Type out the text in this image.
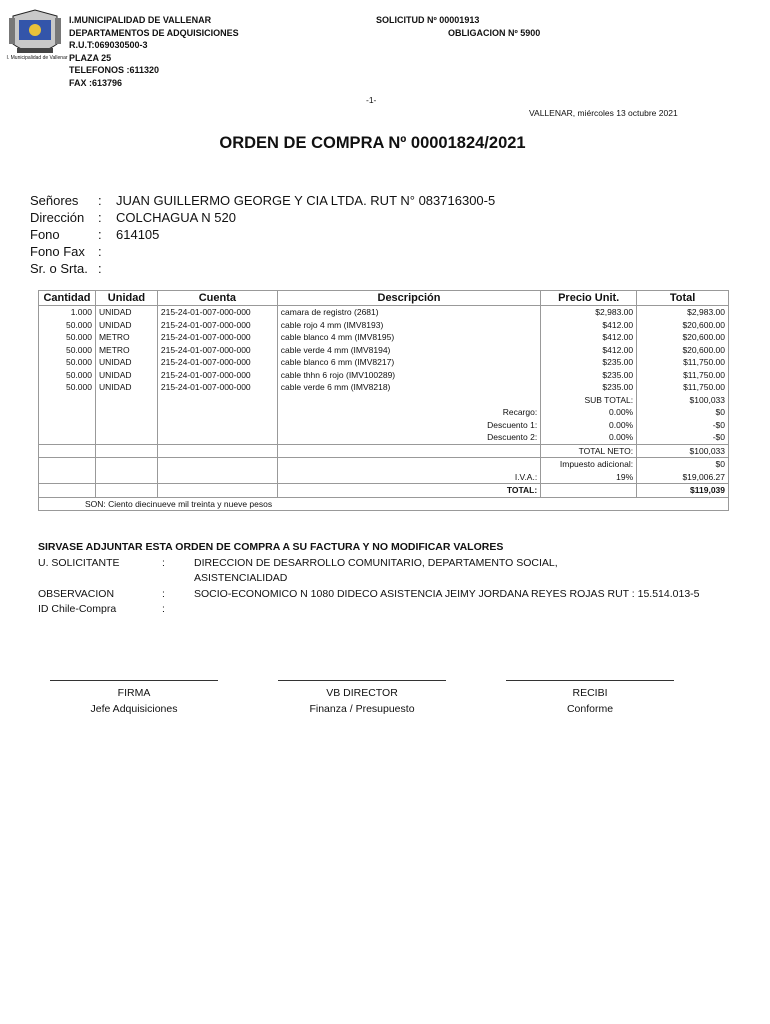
I. Municipalidad de Vallenar
I.MUNICIPALIDAD DE VALLENAR
DEPARTAMENTOS DE ADQUISICIONES
R.U.T:069030500-3
PLAZA 25
TELEFONOS :611320
FAX :613796
SOLICITUD Nº 00001913
OBLIGACION Nº 5900
-1-
VALLENAR, miércoles 13 octubre 2021
ORDEN DE COMPRA Nº 00001824/2021
Señores	:	JUAN GUILLERMO GEORGE Y CIA LTDA. RUT N° 083716300-5
Dirección	:	COLCHAGUA N 520
Fono	:	614105
Fono Fax	:
Sr. o Srta. :
Cantidad	Unidad	Cuenta	Descripción	Precio Unit.	Total
1.000	UNIDAD	215-24-01-007-000-000	camara de registro (2681)	$2,983.00	$2,983.00
50.000	UNIDAD	215-24-01-007-000-000	cable rojo 4 mm (IMV8193)	$412.00	$20,600.00
50.000	METRO	215-24-01-007-000-000	cable blanco 4 mm (IMV8195)	$412.00	$20,600.00
50.000	METRO	215-24-01-007-000-000	cable verde 4 mm (IMV8194)	$412.00	$20,600.00
50.000	UNIDAD	215-24-01-007-000-000	cable blanco 6 mm (IMV8217)	$235.00	$11,750.00
50.000	UNIDAD	215-24-01-007-000-000	cable thhn 6 rojo (IMV100289)	$235.00	$11,750.00
50.000	UNIDAD	215-24-01-007-000-000	cable verde 6 mm (IMV8218)	$235.00	$11,750.00
				SUB TOTAL:	$100,033
			Recargo:	0.00%	$0
			Descuento 1:	0.00%	-$0
			Descuento 2:	0.00%	-$0
				TOTAL NETO:	$100,033
				Impuesto adicional:	$0
			I.V.A.:	19%	$19,006.27
			TOTAL:		$119,039
SON: Ciento diecinueve mil treinta y nueve pesos					
SIRVASE ADJUNTAR ESTA ORDEN DE COMPRA A SU FACTURA Y NO MODIFICAR VALORES
U. SOLICITANTE	:	DIRECCION DE DESARROLLO COMUNITARIO, DEPARTAMENTO SOCIAL,
ASISTENCIALIDAD
OBSERVACION	:	SOCIO-ECONOMICO N 1080 DIDECO ASISTENCIA JEIMY JORDANA REYES ROJAS RUT : 15.514.013-5
ID Chile-Compra	:
FIRMA
Jefe Adquisiciones
VB DIRECTOR
Finanza / Presupuesto
RECIBI
Conforme
